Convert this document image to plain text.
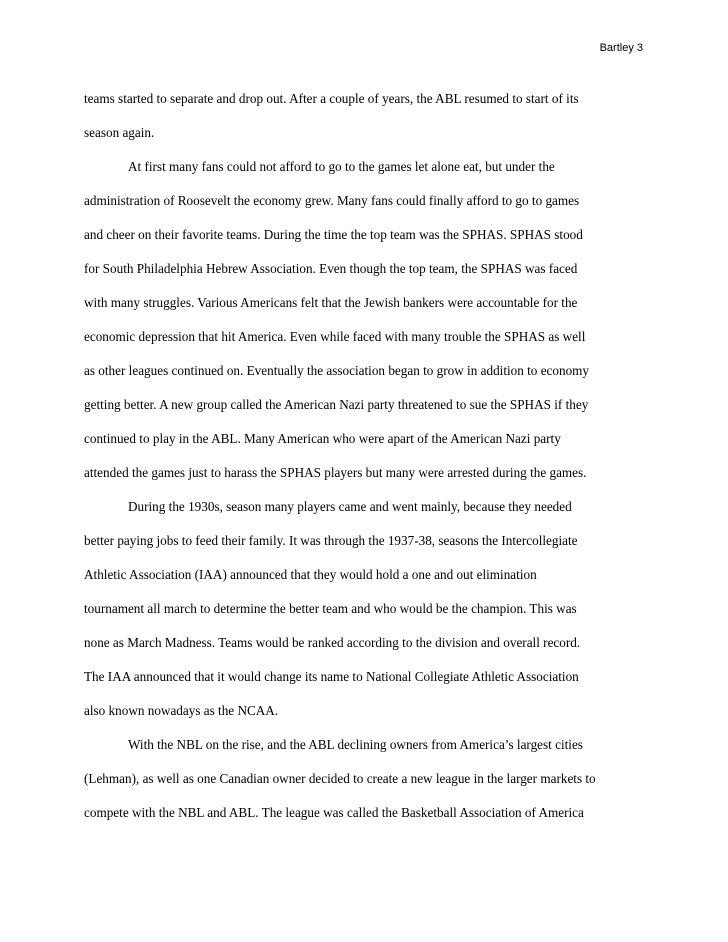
Bartley 3
teams started to separate and drop out. After a couple of years, the ABL resumed to start of its
season again.
At first many fans could not afford to go to the games let alone eat, but under the
administration of Roosevelt the economy grew. Many fans could finally afford to go to games
and cheer on their favorite teams. During the time the top team was the SPHAS. SPHAS stood
for South Philadelphia Hebrew Association. Even though the top team, the SPHAS was faced
with many struggles. Various Americans felt that the Jewish bankers were accountable for the
economic depression that hit America. Even while faced with many trouble the SPHAS as well
as other leagues continued on. Eventually the association began to grow in addition to economy
getting better. A new group called the American Nazi party threatened to sue the SPHAS if they
continued to play in the ABL. Many American who were apart of the American Nazi party
attended the games just to harass the SPHAS players but many were arrested during the games.
During the 1930s, season many players came and went mainly, because they needed
better paying jobs to feed their family. It was through the 1937-38, seasons the Intercollegiate
Athletic Association (IAA) announced that they would hold a one and out elimination
tournament all march to determine the better team and who would be the champion. This was
none as March Madness. Teams would be ranked according to the division and overall record.
The IAA announced that it would change its name to National Collegiate Athletic Association
also known nowadays as the NCAA.
With the NBL on the rise, and the ABL declining owners from America’s largest cities
(Lehman), as well as one Canadian owner decided to create a new league in the larger markets to
compete with the NBL and ABL. The league was called the Basketball Association of America
